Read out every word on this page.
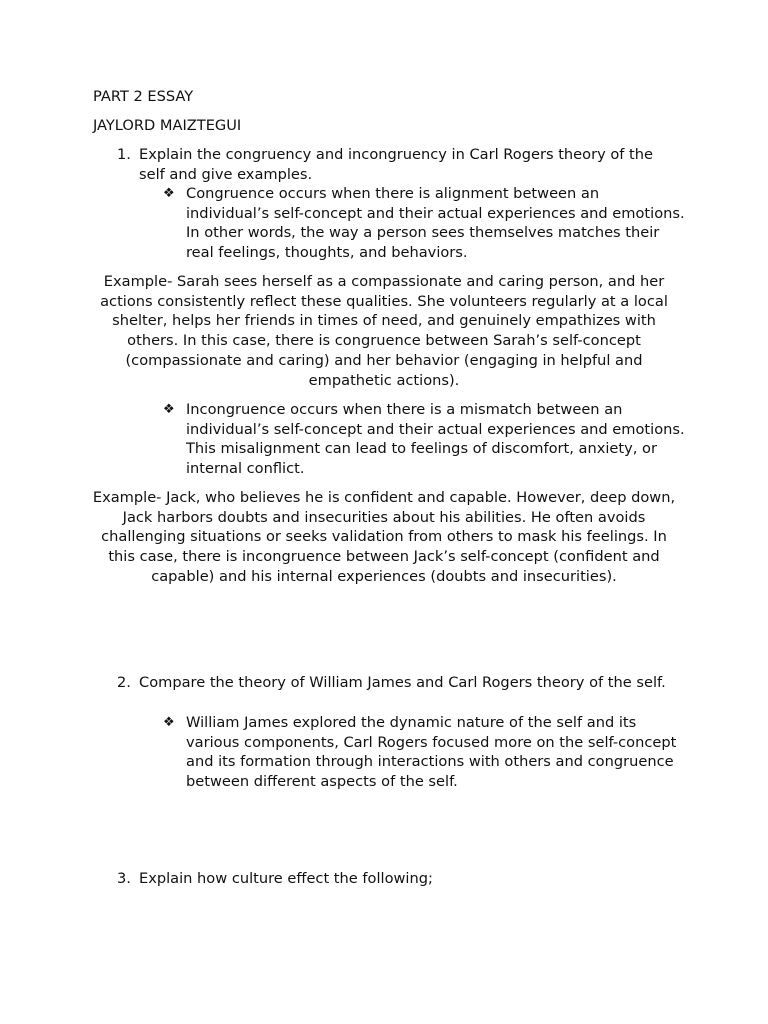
PART 2 ESSAY

JAYLORD MAIZTEGUI

1. Explain the congruency and incongruency in Carl Rogers theory of the self and give examples.

❖ Congruence occurs when there is alignment between an individual’s self-concept and their actual experiences and emotions. In other words, the way a person sees themselves matches their real feelings, thoughts, and behaviors.

Example- Sarah sees herself as a compassionate and caring person, and her actions consistently reflect these qualities. She volunteers regularly at a local shelter, helps her friends in times of need, and genuinely empathizes with others. In this case, there is congruence between Sarah’s self-concept (compassionate and caring) and her behavior (engaging in helpful and empathetic actions).

❖ Incongruence occurs when there is a mismatch between an individual’s self-concept and their actual experiences and emotions. This misalignment can lead to feelings of discomfort, anxiety, or internal conflict.

Example- Jack, who believes he is confident and capable. However, deep down, Jack harbors doubts and insecurities about his abilities. He often avoids challenging situations or seeks validation from others to mask his feelings. In this case, there is incongruence between Jack’s self-concept (confident and capable) and his internal experiences (doubts and insecurities).

2. Compare the theory of William James and Carl Rogers theory of the self.

❖ William James explored the dynamic nature of the self and its various components, Carl Rogers focused more on the self-concept and its formation through interactions with others and congruence between different aspects of the self.

3. Explain how culture effect the following;
